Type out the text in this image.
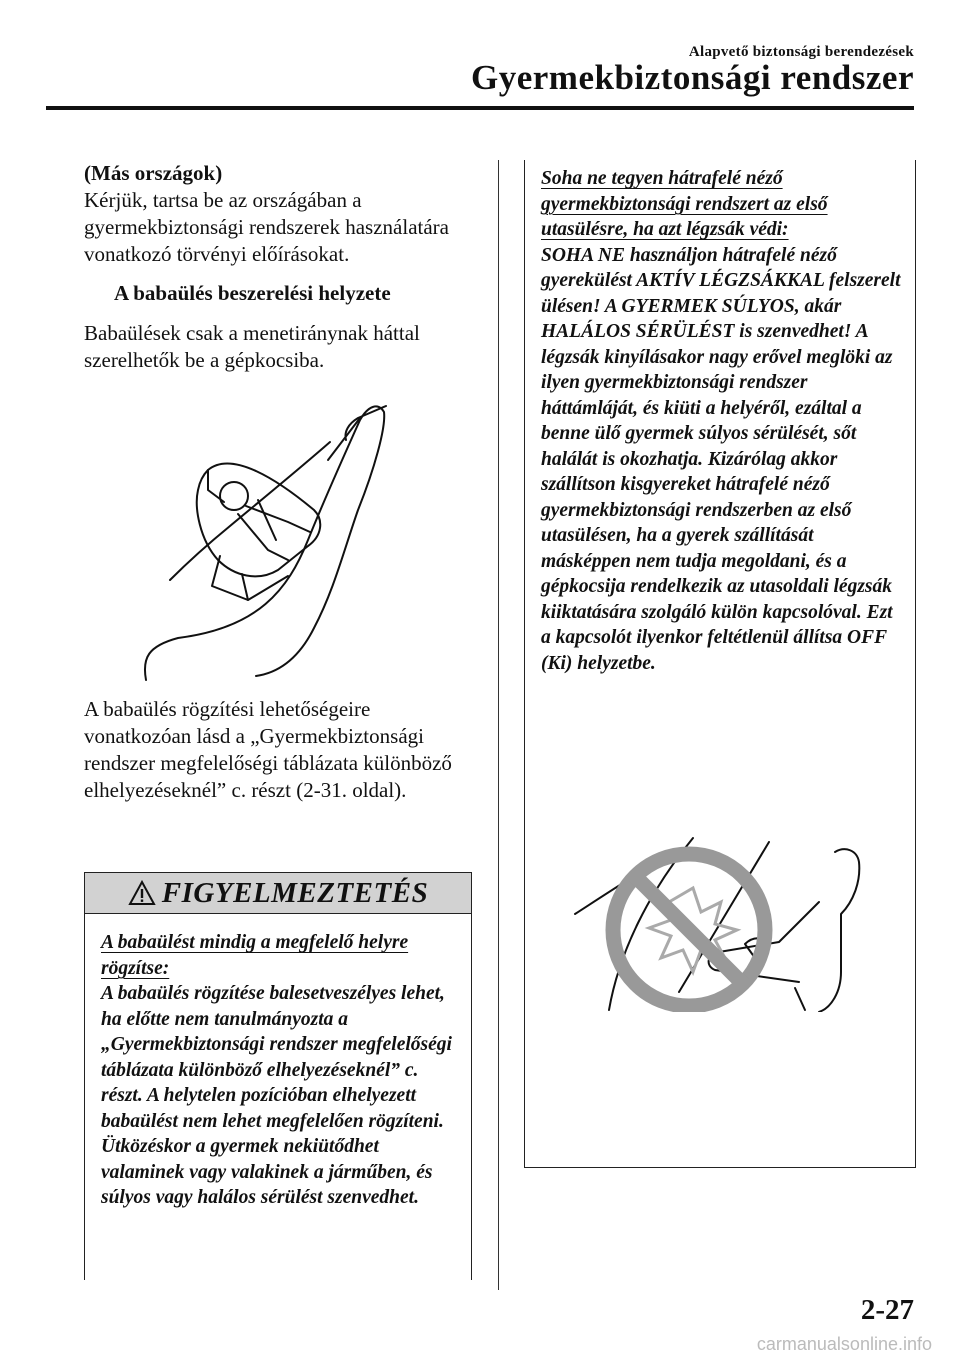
Alapvető biztonsági berendezések
Gyermekbiztonsági rendszer

(Más országok)

Kérjük, tartsa be az országában a gyermekbiztonsági rendszerek használatára vonatkozó törvényi előírásokat.

A babaülés beszerelési helyzete

Babaülések csak a menetiránynak háttal szerelhetők be a gépkocsiba.

A babaülés rögzítési lehetőségeire vonatkozóan lásd a „Gyermekbiztonsági rendszer megfelelőségi táblázata különböző elhelyezéseknél” c. részt (2-31. oldal).

FIGYELMEZTETÉS
A babaülést mindig a megfelelő helyre rögzítse:
A babaülés rögzítése balesetveszélyes lehet, ha előtte nem tanulmányozta a „Gyermekbiztonsági rendszer megfelelőségi táblázata különböző elhelyezéseknél” c. részt. A helytelen pozícióban elhelyezett babaülést nem lehet megfelelően rögzíteni. Ütközéskor a gyermek nekiütődhet valaminek vagy valakinek a járműben, és súlyos vagy halálos sérülést szenvedhet.
Soha ne tegyen hátrafelé néző gyermekbiztonsági rendszert az első utasülésre, ha azt légzsák védi:
SOHA NE használjon hátrafelé néző gyerekülést AKTÍV LÉGZSÁKKAL felszerelt ülésen! A GYERMEK SÚLYOS, akár HALÁLOS SÉRÜLÉST is szenvedhet! A légzsák kinyílásakor nagy erővel meglöki az ilyen gyermekbiztonsági rendszer háttámláját, és kiüti a helyéről, ezáltal a benne ülő gyermek súlyos sérülését, sőt halálát is okozhatja. Kizárólag akkor szállítson kisgyereket hátrafelé néző gyermekbiztonsági rendszerben az első utasülésen, ha a gyerek szállítását másképpen nem tudja megoldani, és a gépkocsija rendelkezik az utasoldali légzsák kiiktatására szolgáló külön kapcsolóval. Ezt a kapcsolót ilyenkor feltétlenül állítsa OFF (Ki) helyzetbe.
2-27
carmanualsonline.info
